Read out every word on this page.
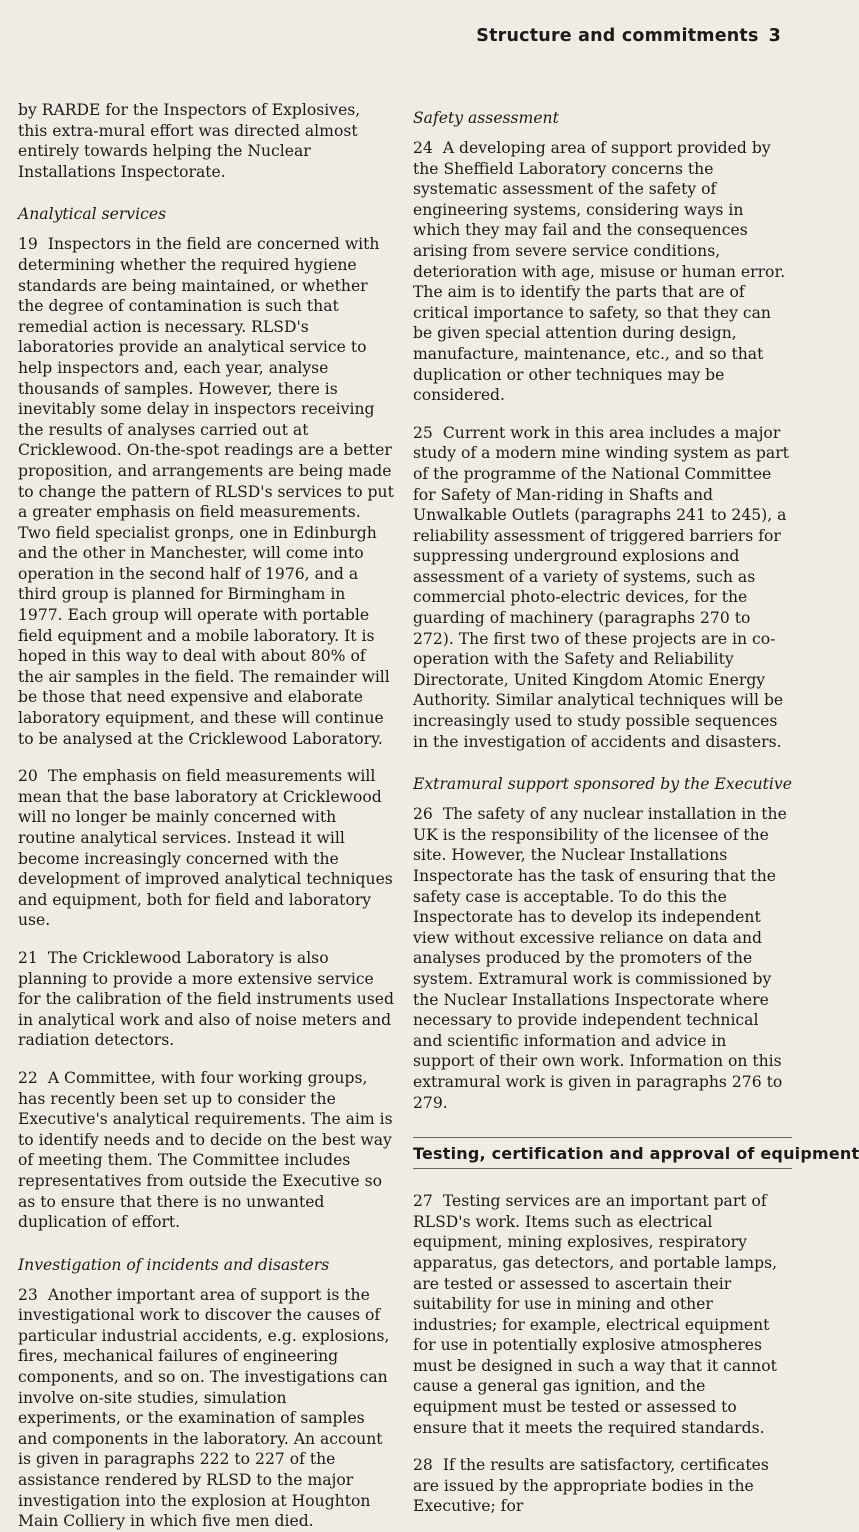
Structure and commitments 3

by RARDE for the Inspectors of Explosives, this extra-mural effort was directed almost entirely towards helping the Nuclear Installations Inspectorate.

Analytical services

19 Inspectors in the field are concerned with determining whether the required hygiene standards are being maintained, or whether the degree of contamination is such that remedial action is necessary. RLSD's laboratories provide an analytical service to help inspectors and, each year, analyse thousands of samples. However, there is inevitably some delay in inspectors receiving the results of analyses carried out at Cricklewood. On-the-spot readings are a better proposition, and arrangements are being made to change the pattern of RLSD's services to put a greater emphasis on field measurements. Two field specialist gronps, one in Edinburgh and the other in Manchester, will come into operation in the second half of 1976, and a third group is planned for Birmingham in 1977. Each group will operate with portable field equipment and a mobile laboratory. It is hoped in this way to deal with about 80% of the air samples in the field. The remainder will be those that need expensive and elaborate laboratory equipment, and these will continue to be analysed at the Cricklewood Laboratory.

20 The emphasis on field measurements will mean that the base laboratory at Cricklewood will no longer be mainly concerned with routine analytical services. Instead it will become increasingly concerned with the development of improved analytical techniques and equipment, both for field and laboratory use.

21 The Cricklewood Laboratory is also planning to provide a more extensive service for the calibration of the field instruments used in analytical work and also of noise meters and radiation detectors.

22 A Committee, with four working groups, has recently been set up to consider the Executive's analytical requirements. The aim is to identify needs and to decide on the best way of meeting them. The Committee includes representatives from outside the Executive so as to ensure that there is no unwanted duplication of effort.

Investigation of incidents and disasters

23 Another important area of support is the investigational work to discover the causes of particular industrial accidents, e.g. explosions, fires, mechanical failures of engineering components, and so on. The investigations can involve on-site studies, simulation experiments, or the examination of samples and components in the laboratory. An account is given in paragraphs 222 to 227 of the assistance rendered by RLSD to the major investigation into the explosion at Houghton Main Colliery in which five men died.

Safety assessment

24 A developing area of support provided by the Sheffield Laboratory concerns the systematic assessment of the safety of engineering systems, considering ways in which they may fail and the consequences arising from severe service conditions, deterioration with age, misuse or human error. The aim is to identify the parts that are of critical importance to safety, so that they can be given special attention during design, manufacture, maintenance, etc., and so that duplication or other techniques may be considered.

25 Current work in this area includes a major study of a modern mine winding system as part of the programme of the National Committee for Safety of Man-riding in Shafts and Unwalkable Outlets (paragraphs 241 to 245), a reliability assessment of triggered barriers for suppressing underground explosions and assessment of a variety of systems, such as commercial photo-electric devices, for the guarding of machinery (paragraphs 270 to 272). The first two of these projects are in co-operation with the Safety and Reliability Directorate, United Kingdom Atomic Energy Authority. Similar analytical techniques will be increasingly used to study possible sequences in the investigation of accidents and disasters.

Extramural support sponsored by the Executive

26 The safety of any nuclear installation in the UK is the responsibility of the licensee of the site. However, the Nuclear Installations Inspectorate has the task of ensuring that the safety case is acceptable. To do this the Inspectorate has to develop its independent view without excessive reliance on data and analyses produced by the promoters of the system. Extramural work is commissioned by the Nuclear Installations Inspectorate where necessary to provide independent technical and scientific information and advice in support of their own work. Information on this extramural work is given in paragraphs 276 to 279.

Testing, certification and approval of equipment

27 Testing services are an important part of RLSD's work. Items such as electrical equipment, mining explosives, respiratory apparatus, gas detectors, and portable lamps, are tested or assessed to ascertain their suitability for use in mining and other industries; for example, electrical equipment for use in potentially explosive atmospheres must be designed in such a way that it cannot cause a general gas ignition, and the equipment must be tested or assessed to ensure that it meets the required standards.

28 If the results are satisfactory, certificates are issued by the appropriate bodies in the Executive; for
